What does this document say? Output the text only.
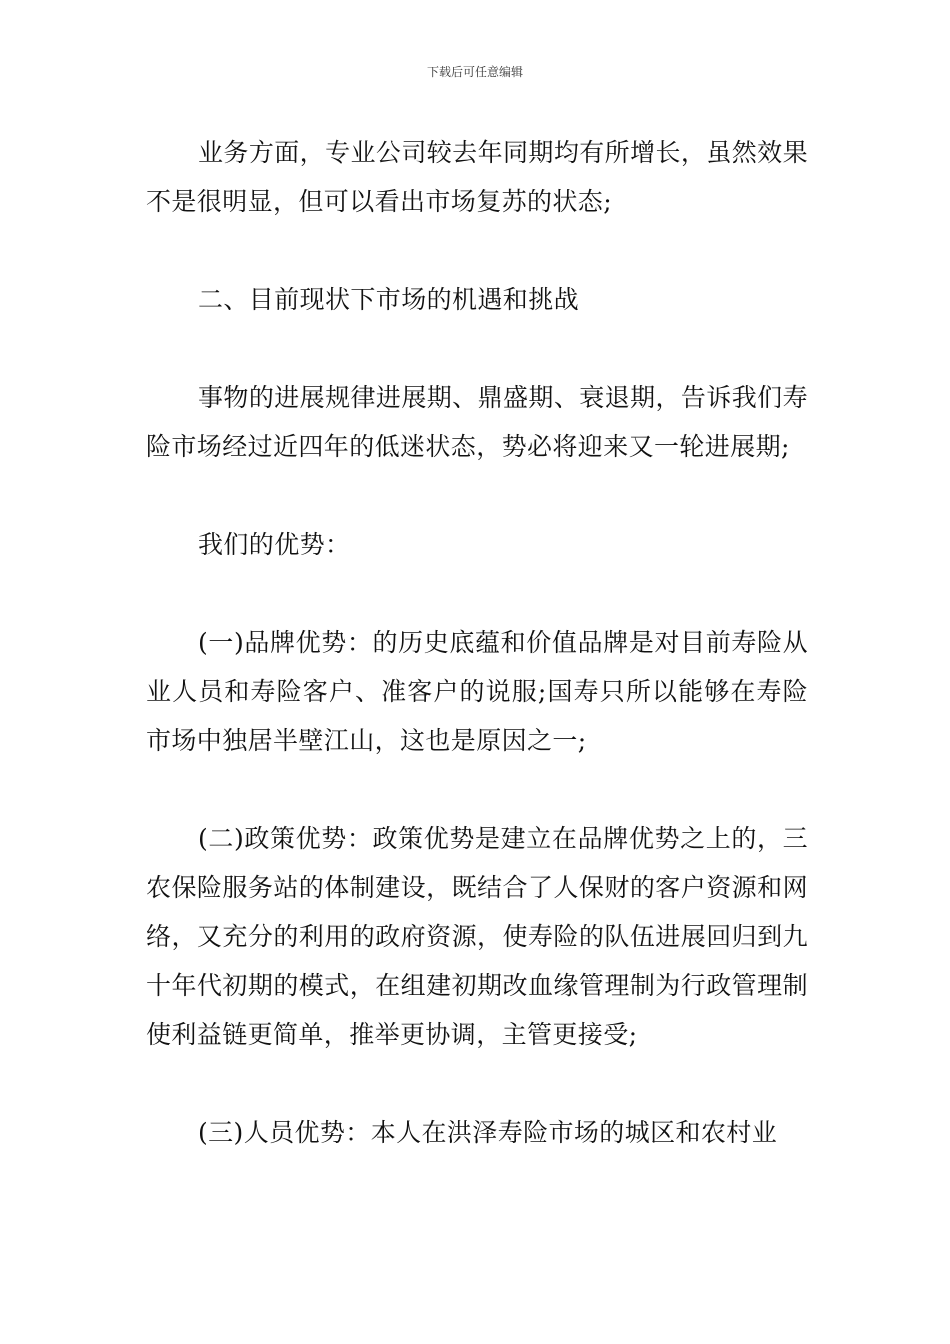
下载后可任意编辑

业务方面，专业公司较去年同期均有所增长，虽然效果不是很明显，但可以看出市场复苏的状态;

二、目前现状下市场的机遇和挑战

事物的进展规律进展期、鼎盛期、衰退期，告诉我们寿险市场经过近四年的低迷状态，势必将迎来又一轮进展期;

我们的优势：

(一)品牌优势：的历史底蕴和价值品牌是对目前寿险从业人员和寿险客户、准客户的说服;国寿只所以能够在寿险市场中独居半壁江山，这也是原因之一;

(二)政策优势：政策优势是建立在品牌优势之上的，三农保险服务站的体制建设，既结合了人保财的客户资源和网络，又充分的利用的政府资源，使寿险的队伍进展回归到九十年代初期的模式，在组建初期改血缘管理制为行政管理制使利益链更简单，推举更协调，主管更接受;

(三)人员优势：本人在洪泽寿险市场的城区和农村业
